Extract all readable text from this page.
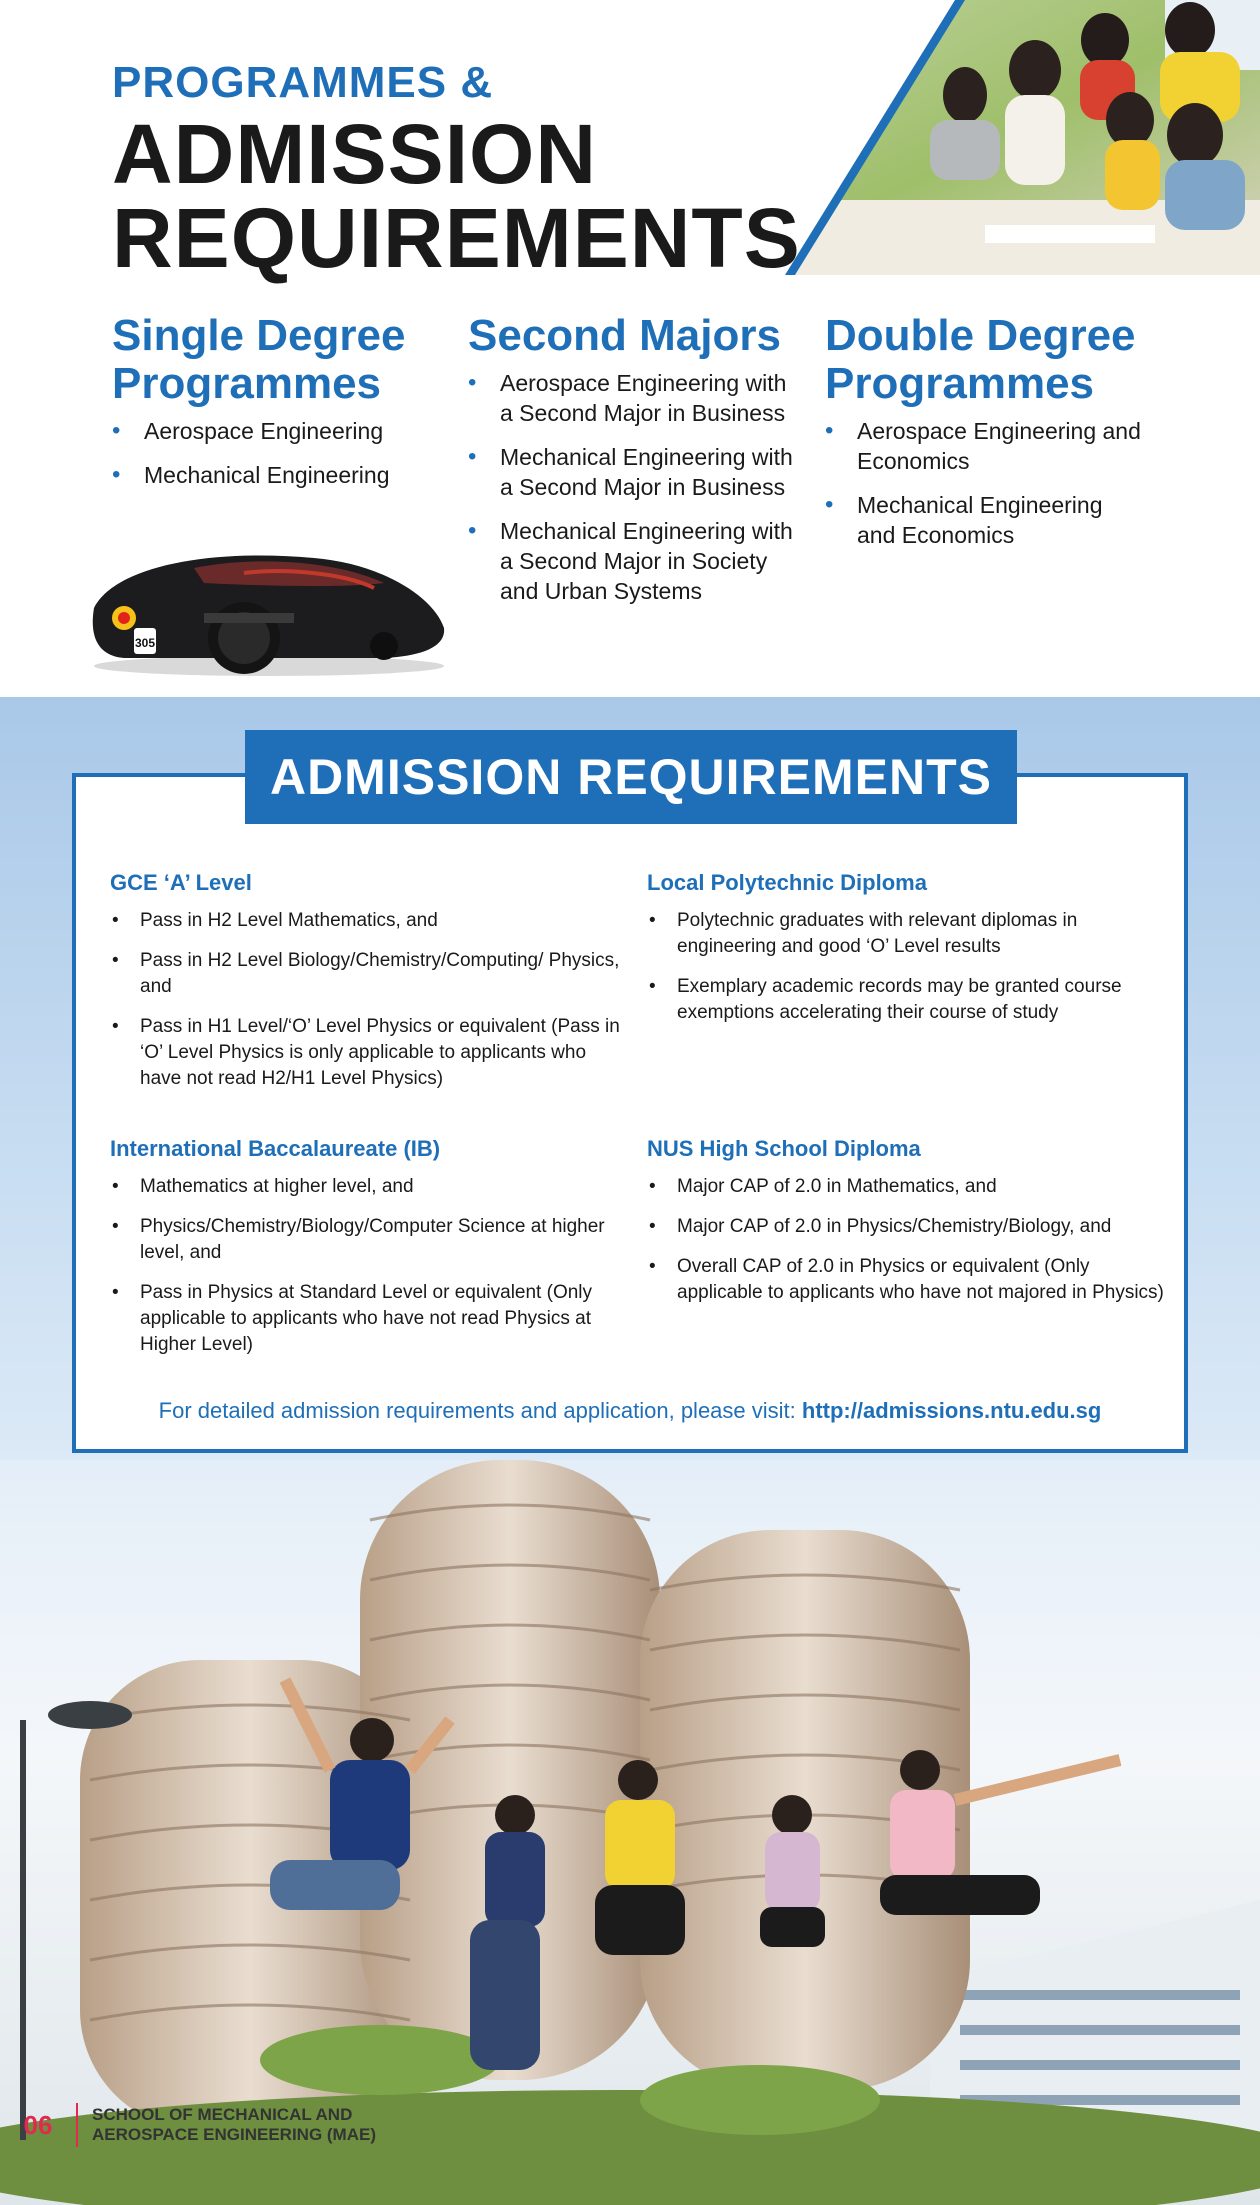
PROGRAMMES &
ADMISSION
REQUIREMENTS
Single Degree Programmes
• Aerospace Engineering
• Mechanical Engineering
Second Majors
• Aerospace Engineering with a Second Major in Business
• Mechanical Engineering with a Second Major in Business
• Mechanical Engineering with a Second Major in Society and Urban Systems
Double Degree Programmes
• Aerospace Engineering and Economics
• Mechanical Engineering and Economics
305
ADMISSION REQUIREMENTS
GCE ‘A’ Level
• Pass in H2 Level Mathematics, and
• Pass in H2 Level Biology/Chemistry/Computing/ Physics, and
• Pass in H1 Level/‘O’ Level Physics or equivalent (Pass in ‘O’ Level Physics is only applicable to applicants who have not read H2/H1 Level Physics)
Local Polytechnic Diploma
• Polytechnic graduates with relevant diplomas in engineering and good ‘O’ Level results
• Exemplary academic records may be granted course exemptions accelerating their course of study
International Baccalaureate (IB)
• Mathematics at higher level, and
• Physics/Chemistry/Biology/Computer Science at higher level, and
• Pass in Physics at Standard Level or equivalent (Only applicable to applicants who have not read Physics at Higher Level)
NUS High School Diploma
• Major CAP of 2.0 in Mathematics, and
• Major CAP of 2.0 in Physics/Chemistry/Biology, and
• Overall CAP of 2.0 in Physics or equivalent (Only applicable to applicants who have not majored in Physics)
For detailed admission requirements and application, please visit: http://admissions.ntu.edu.sg
06	SCHOOL OF MECHANICAL AND
AEROSPACE ENGINEERING (MAE)
